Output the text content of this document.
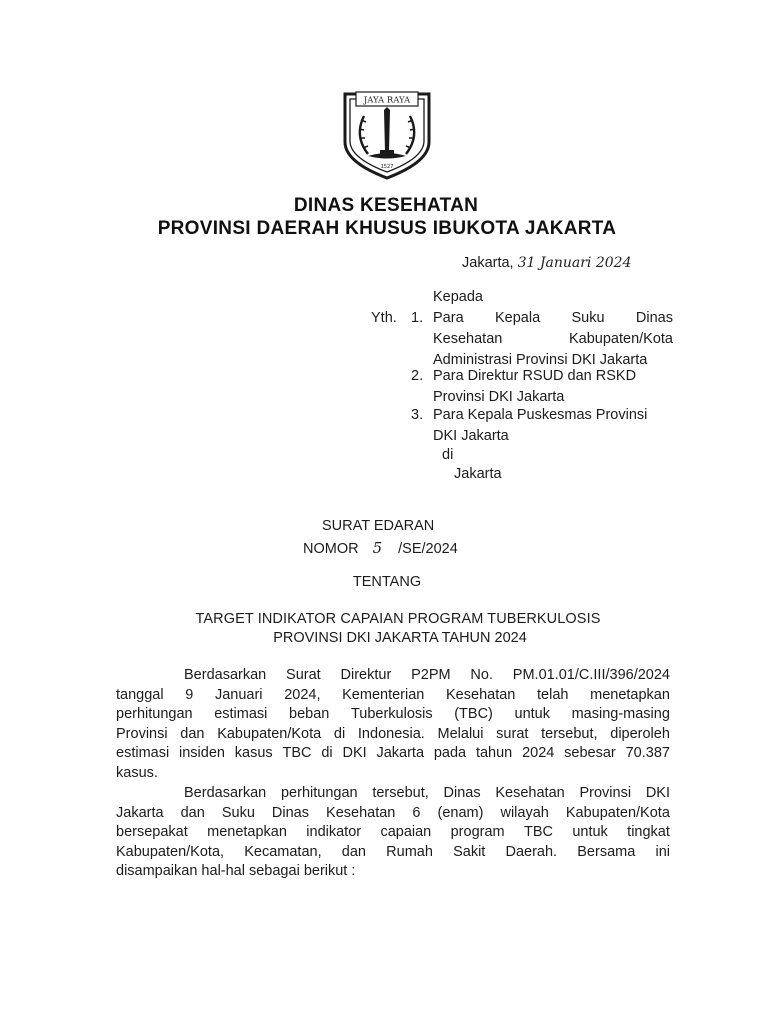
JAYA RAYA
1527
DINAS KESEHATAN
PROVINSI DAERAH KHUSUS IBUKOTA JAKARTA
Jakarta, 31 Januari 2024
Kepada
Yth. 1. Para Kepala Suku Dinas
Kesehatan	Kabupaten/Kota
Administrasi Provinsi DKI Jakarta
2. Para Direktur RSUD dan RSKD
Provinsi DKI Jakarta
3. Para Kepala Puskesmas Provinsi
DKI Jakarta
di
Jakarta
SURAT EDARAN
NOMOR 5 /SE/2024
TENTANG
TARGET INDIKATOR CAPAIAN PROGRAM TUBERKULOSIS
PROVINSI DKI JAKARTA TAHUN 2024
Berdasarkan Surat Direktur P2PM No. PM.01.01/C.III/396/2024
tanggal 9 Januari 2024, Kementerian Kesehatan telah menetapkan
perhitungan estimasi beban Tuberkulosis (TBC) untuk masing-masing
Provinsi dan Kabupaten/Kota di Indonesia. Melalui surat tersebut, diperoleh
estimasi insiden kasus TBC di DKI Jakarta pada tahun 2024 sebesar 70.387
kasus.
Berdasarkan perhitungan tersebut, Dinas Kesehatan Provinsi DKI
Jakarta dan Suku Dinas Kesehatan 6 (enam) wilayah Kabupaten/Kota
bersepakat menetapkan indikator capaian program TBC untuk tingkat
Kabupaten/Kota, Kecamatan, dan Rumah Sakit Daerah. Bersama ini
disampaikan hal-hal sebagai berikut :
